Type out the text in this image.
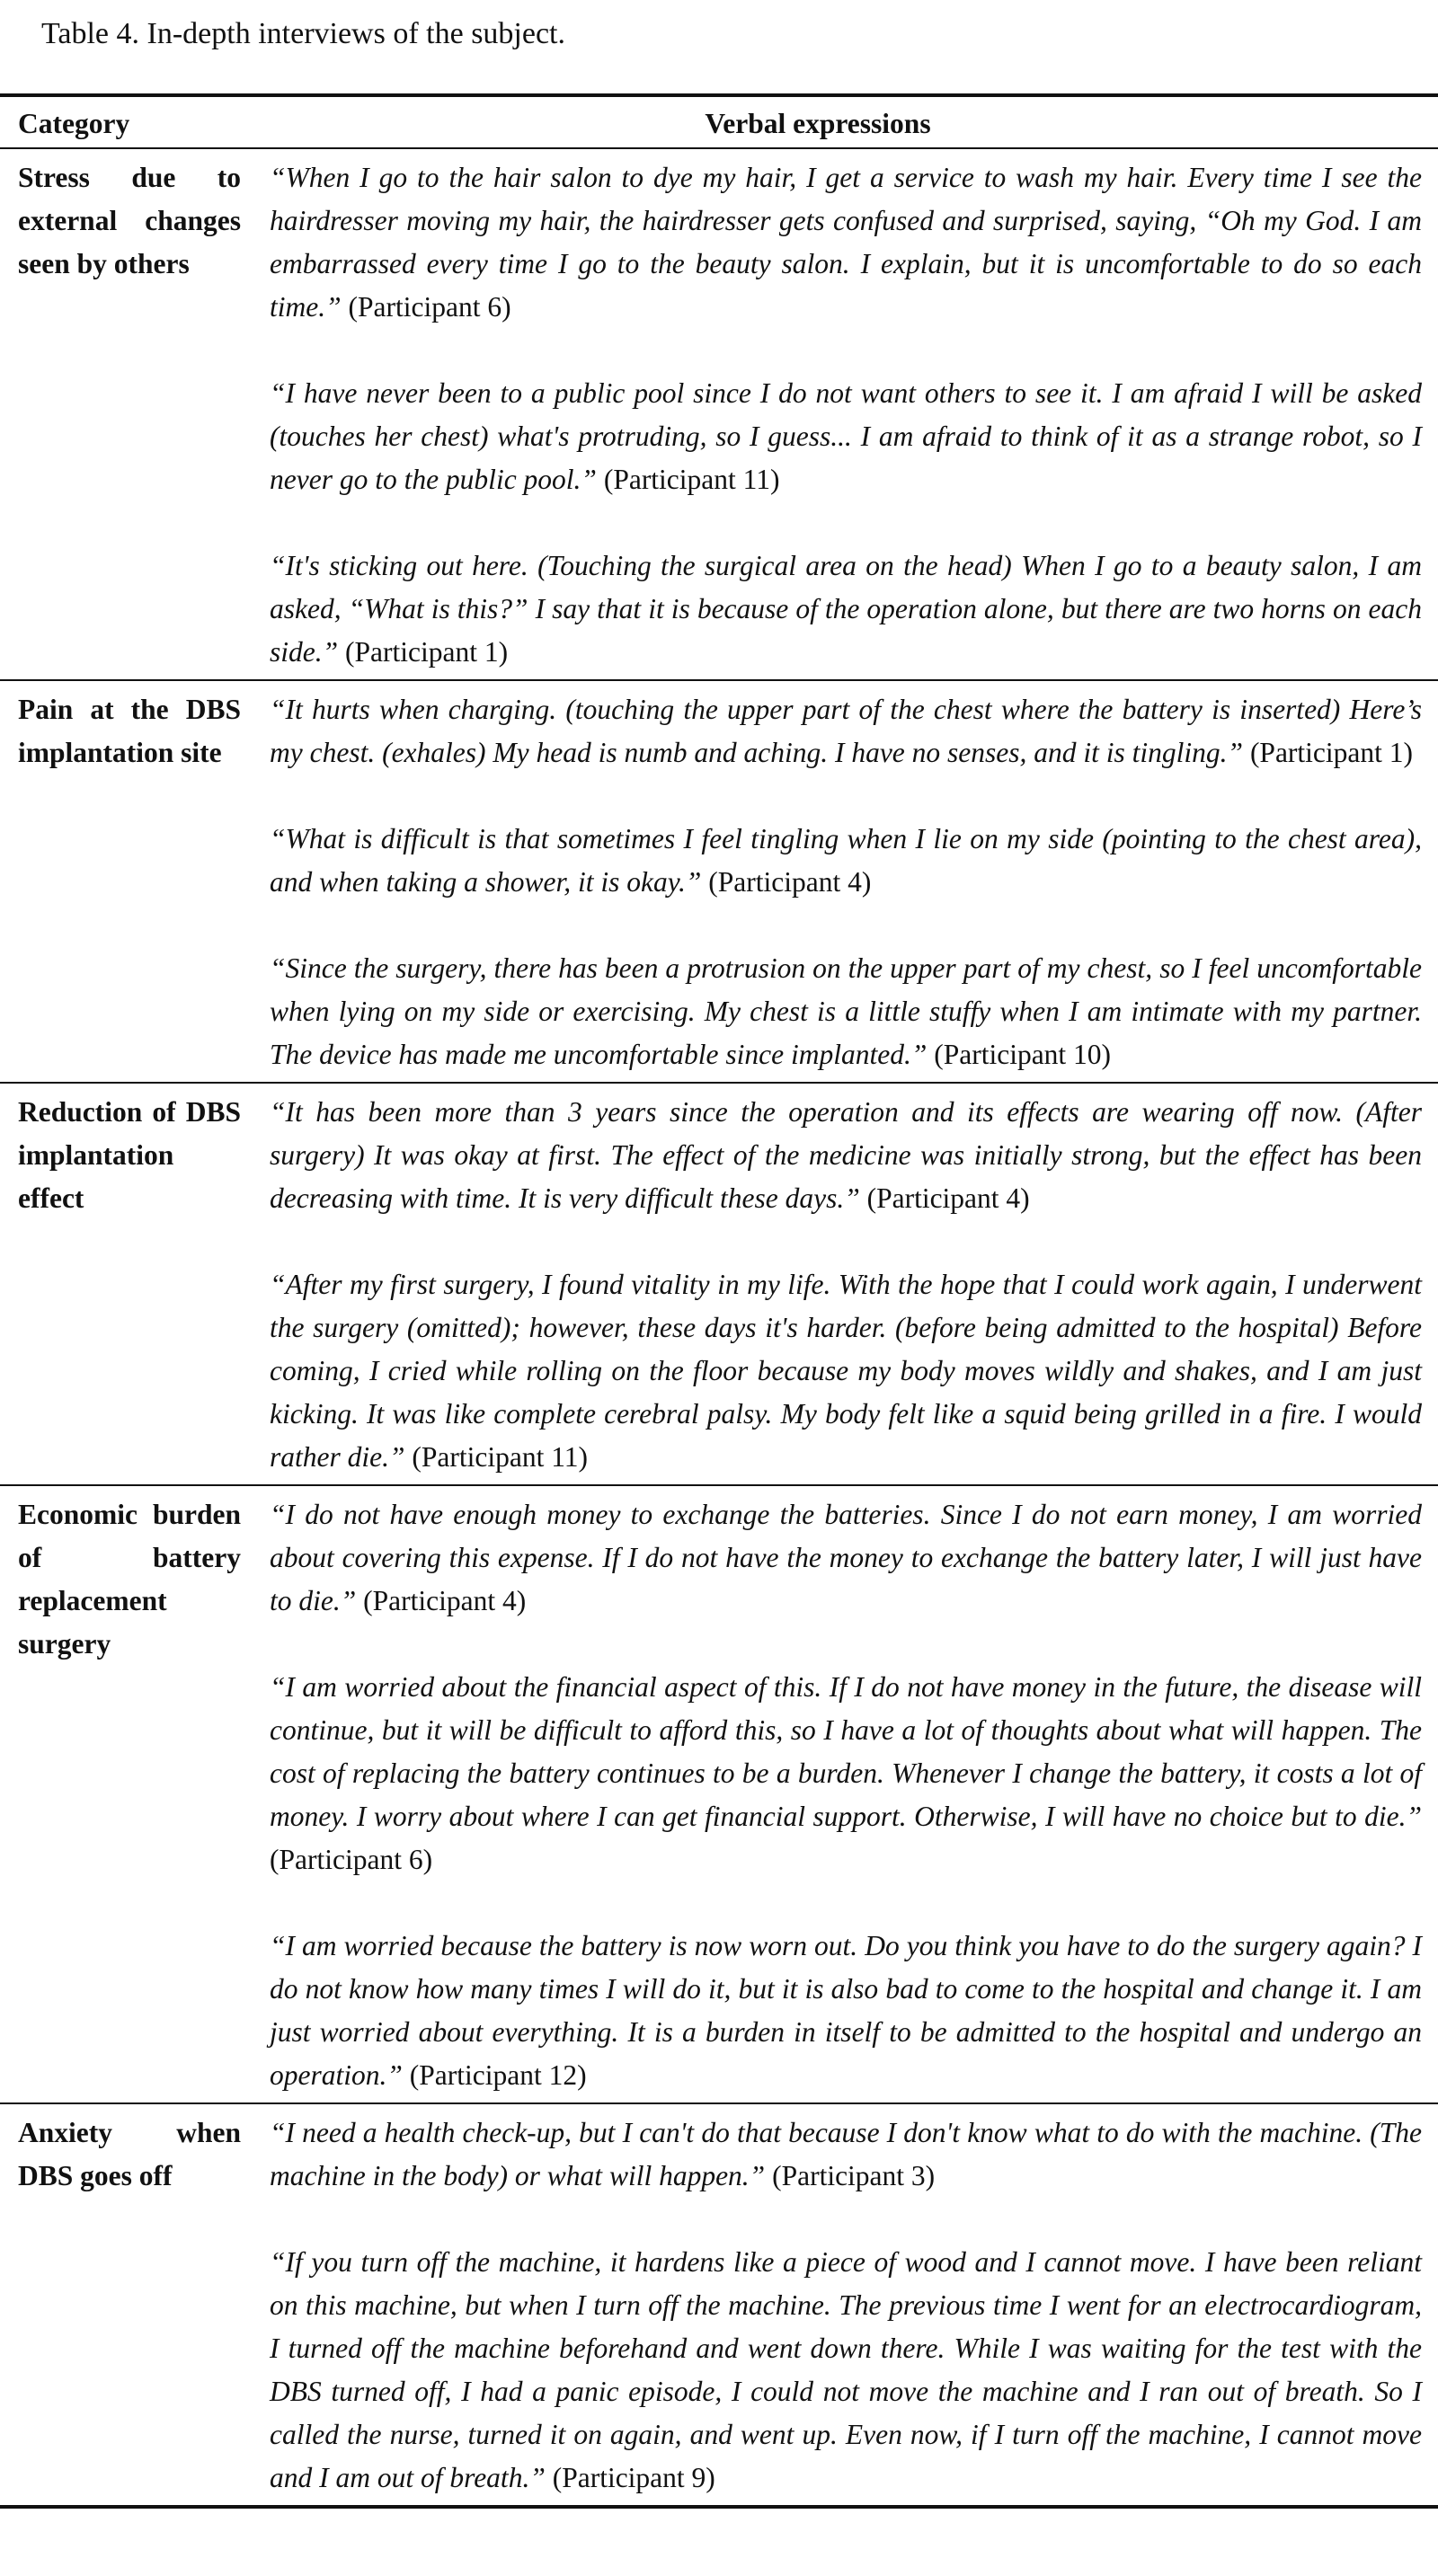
Table 4. In-depth interviews of the subject.

Category	Verbal expressions
Stress due to external changes seen by others	“When I go to the hair salon to dye my hair, I get a service to wash my hair. Every time I see the hairdresser moving my hair, the hairdresser gets confused and surprised, saying, “Oh my God. I am embarrassed every time I go to the beauty salon. I explain, but it is uncomfortable to do so each time.” (Participant 6)

“I have never been to a public pool since I do not want others to see it. I am afraid I will be asked (touches her chest) what's protruding, so I guess... I am afraid to think of it as a strange robot, so I never go to the public pool.” (Participant 11)

“It's sticking out here. (Touching the surgical area on the head) When I go to a beauty salon, I am asked, “What is this?” I say that it is because of the operation alone, but there are two horns on each side.” (Participant 1)

Pain at the DBS implantation site	“It hurts when charging. (touching the upper part of the chest where the battery is inserted) Here’s my chest. (exhales) My head is numb and aching. I have no senses, and it is tingling.” (Participant 1)

“What is difficult is that sometimes I feel tingling when I lie on my side (pointing to the chest area), and when taking a shower, it is okay.” (Participant 4)

“Since the surgery, there has been a protrusion on the upper part of my chest, so I feel uncomfortable when lying on my side or exercising. My chest is a little stuffy when I am intimate with my partner. The device has made me uncomfortable since implanted.” (Participant 10)

Reduction of DBS implantation effect	“It has been more than 3 years since the operation and its effects are wearing off now. (After surgery) It was okay at first. The effect of the medicine was initially strong, but the effect has been decreasing with time. It is very difficult these days.” (Participant 4)

“After my first surgery, I found vitality in my life. With the hope that I could work again, I underwent the surgery (omitted); however, these days it's harder. (before being admitted to the hospital) Before coming, I cried while rolling on the floor because my body moves wildly and shakes, and I am just kicking. It was like complete cerebral palsy. My body felt like a squid being grilled in a fire. I would rather die.” (Participant 11)

Economic burden of battery replacement surgery	“I do not have enough money to exchange the batteries. Since I do not earn money, I am worried about covering this expense. If I do not have the money to exchange the battery later, I will just have to die.” (Participant 4)

“I am worried about the financial aspect of this. If I do not have money in the future, the disease will continue, but it will be difficult to afford this, so I have a lot of thoughts about what will happen. The cost of replacing the battery continues to be a burden. Whenever I change the battery, it costs a lot of money. I worry about where I can get financial support. Otherwise, I will have no choice but to die.” (Participant 6)

“I am worried because the battery is now worn out. Do you think you have to do the surgery again? I do not know how many times I will do it, but it is also bad to come to the hospital and change it. I am just worried about everything. It is a burden in itself to be admitted to the hospital and undergo an operation.” (Participant 12)

Anxiety when DBS goes off	“I need a health check-up, but I can't do that because I don't know what to do with the machine. (The machine in the body) or what will happen.” (Participant 3)

“If you turn off the machine, it hardens like a piece of wood and I cannot move. I have been reliant on this machine, but when I turn off the machine. The previous time I went for an electrocardiogram, I turned off the machine beforehand and went down there. While I was waiting for the test with the DBS turned off, I had a panic episode, I could not move the machine and I ran out of breath. So I called the nurse, turned it on again, and went up. Even now, if I turn off the machine, I cannot move and I am out of breath.” (Participant 9)
